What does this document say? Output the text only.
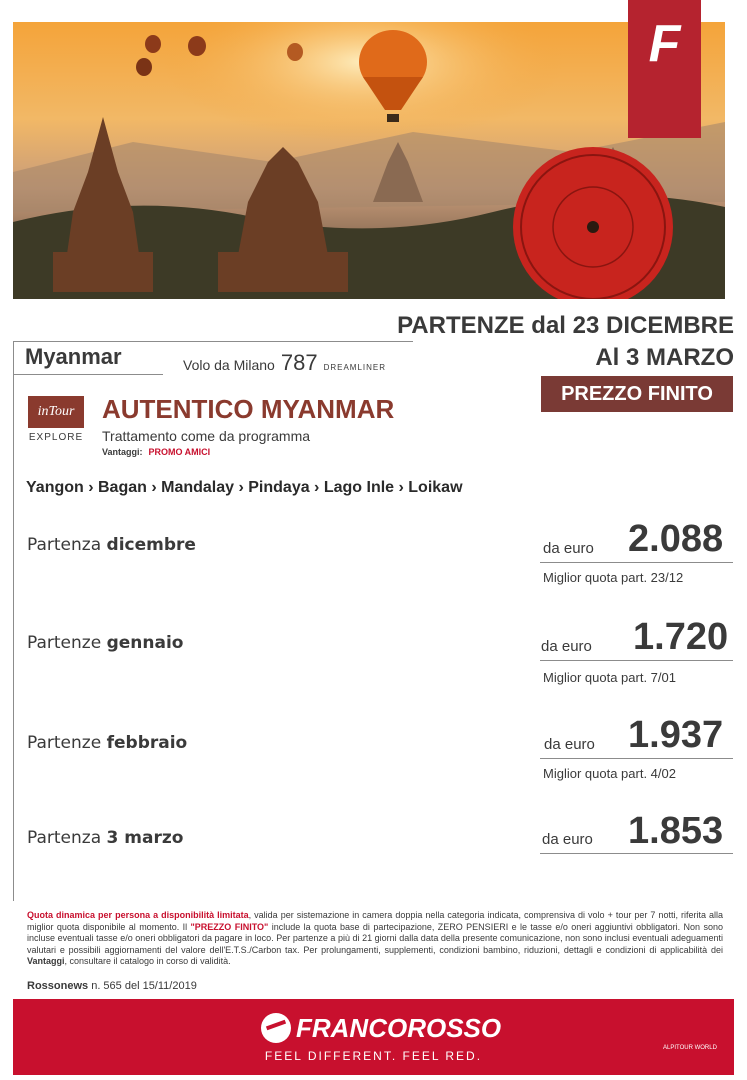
F
PARTENZE dal 23 DICEMBRE
Al 3 MARZO
Myanmar	Volo da Milano 787 DREAMLINER
PREZZO FINITO
inTour
EXPLORE
AUTENTICO MYANMAR
Trattamento come da programma
Vantaggi: PROMO AMICI
Yangon › Bagan › Mandalay › Pindaya › Lago Inle › Loikaw
Partenza dicembre	da euro 2.088
Miglior quota part. 23/12
Partenze gennaio	da euro 1.720
Miglior quota part. 7/01
Partenze febbraio	da euro 1.937
Miglior quota part. 4/02
Partenza 3 marzo	da euro 1.853
Quota dinamica per persona a disponibilità limitata, valida per sistemazione in camera doppia nella categoria indicata, comprensiva di volo + tour per 7 notti, riferita alla miglior quota disponibile al momento. Il "PREZZO FINITO" include la quota base di partecipazione, ZERO PENSIERI e le tasse e/o oneri aggiuntivi obbligatori. Non sono incluse eventuali tasse e/o oneri obbligatori da pagare in loco. Per partenze a più di 21 giorni dalla data della presente comunicazione, non sono inclusi eventuali adeguamenti valutari e possibili aggiornamenti del valore dell'E.T.S./Carbon tax. Per prolungamenti, supplementi, condizioni bambino, riduzioni, dettagli e condizioni di applicabilità dei Vantaggi, consultare il catalogo in corso di validità.
Rossonews n. 565 del 15/11/2019
FRANCOROSSO
FEEL DIFFERENT. FEEL RED.
ALPITOUR WORLD
